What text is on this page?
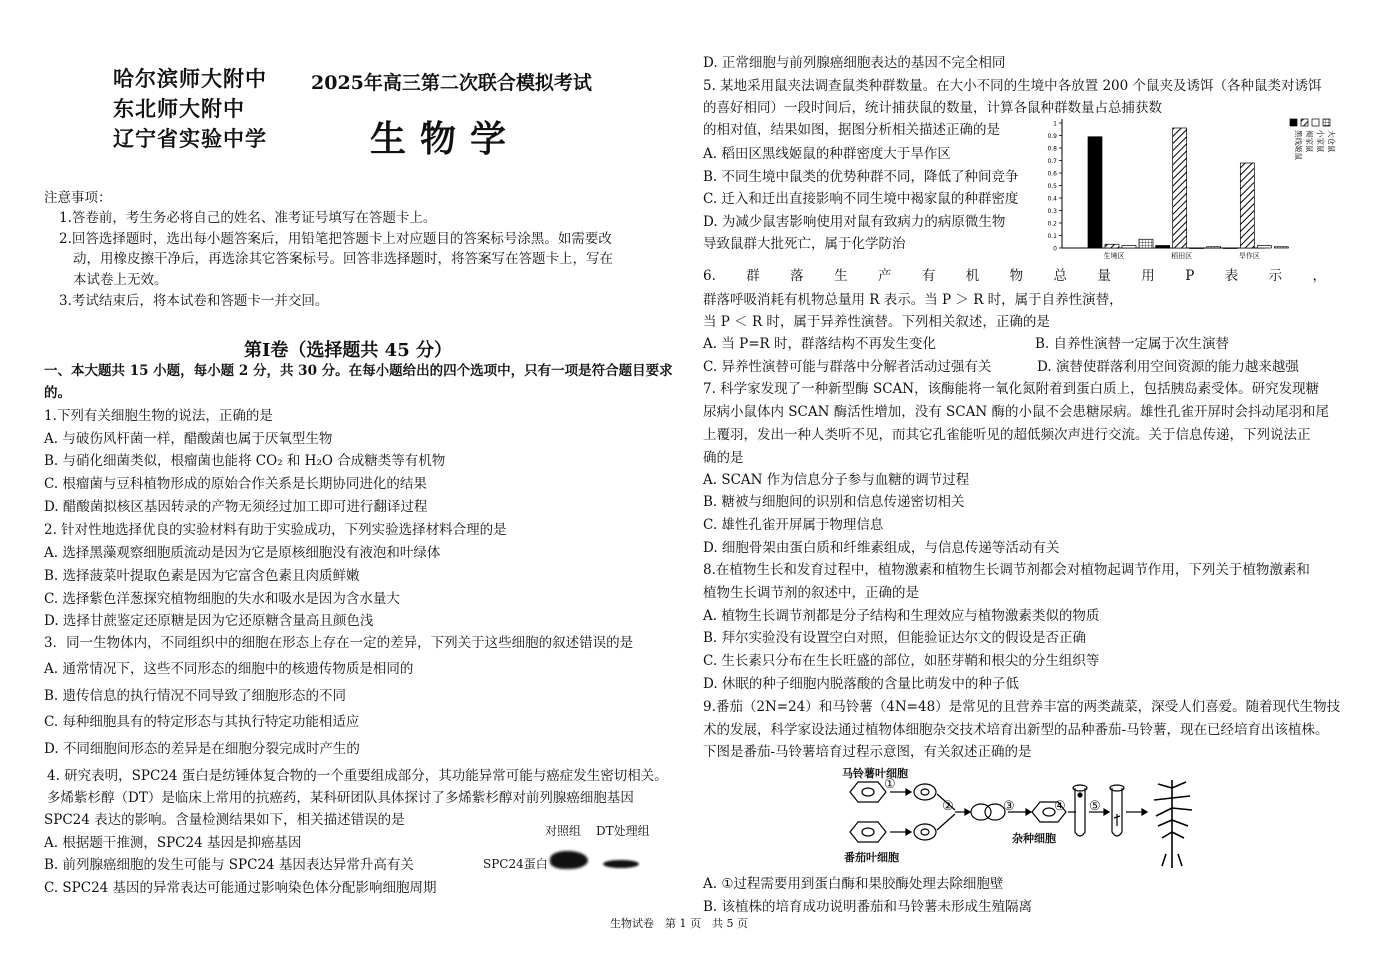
哈尔滨师大附中
东北师大附中
辽宁省实验中学
2025年高三第二次联合模拟考试
生物学
注意事项：
1.答卷前，考生务必将自己的姓名、准考证号填写在答题卡上。
2.回答选择题时，选出每小题答案后，用铅笔把答题卡上对应题目的答案标号涂黑。如需要改
动，用橡皮擦干净后，再选涂其它答案标号。回答非选择题时，将答案写在答题卡上，写在
本试卷上无效。
3.考试结束后，将本试卷和答题卡一并交回。
第Ⅰ卷（选择题共 45 分）
一、本大题共 15 小题，每小题 2 分，共 30 分。在每小题给出的四个选项中，只有一项是符合题目要求
的。
1.下列有关细胞生物的说法，正确的是
A. 与破伤风杆菌一样，醋酸菌也属于厌氧型生物
B. 与硝化细菌类似，根瘤菌也能将 CO₂ 和 H₂O 合成糖类等有机物
C. 根瘤菌与豆科植物形成的原始合作关系是长期协同进化的结果
D. 醋酸菌拟核区基因转录的产物无须经过加工即可进行翻译过程
2. 针对性地选择优良的实验材料有助于实验成功，下列实验选择材料合理的是
A. 选择黑藻观察细胞质流动是因为它是原核细胞没有液泡和叶绿体
B. 选择菠菜叶提取色素是因为它富含色素且肉质鲜嫩
C. 选择紫色洋葱探究植物细胞的失水和吸水是因为含水量大
D. 选择甘蔗鉴定还原糖是因为它还原糖含量高且颜色浅
3．同一生物体内，不同组织中的细胞在形态上存在一定的差异，下列关于这些细胞的叙述错误的是
A. 通常情况下，这些不同形态的细胞中的核遗传物质是相同的
B. 遗传信息的执行情况不同导致了细胞形态的不同
C. 每种细胞具有的特定形态与其执行特定功能相适应
D. 不同细胞间形态的差异是在细胞分裂完成时产生的
4. 研究表明，SPC24 蛋白是纺锤体复合物的一个重要组成部分，其功能异常可能与癌症发生密切相关。
多烯紫杉醇（DT）是临床上常用的抗癌药，某科研团队具体探讨了多烯紫杉醇对前列腺癌细胞基因
SPC24 表达的影响。含量检测结果如下，相关描述错误的是
A. 根据题干推测，SPC24 基因是抑癌基因
B. 前列腺癌细胞的发生可能与 SPC24 基因表达异常升高有关
C. SPC24 基因的异常表达可能通过影响染色体分配影响细胞周期
D. 正常细胞与前列腺癌细胞表达的基因不完全相同
对照组 DT处理组
SPC24蛋白
5. 某地采用鼠夹法调查鼠类种群数量。在大小不同的生境中各放置 200 个鼠夹及诱饵（各种鼠类对诱饵
的喜好相同）一段时间后，统计捕获鼠的数量，计算各鼠种群数量占总捕获数
的相对值，结果如图，据图分析相关描述正确的是
A. 稻田区黑线姬鼠的种群密度大于旱作区
B. 不同生境中鼠类的优势种群不同，降低了种间竞争
C. 迁入和迁出直接影响不同生境中褐家鼠的种群密度
D. 为减少鼠害影响使用对鼠有致病力的病原微生物
导致鼠群大批死亡，属于化学防治
1
0.9
0.8
0.7
0.6
0.5
0.4
0.3
0.2
0.1
0
生境区	稻田区	旱作区
黑线姬鼠 褐家鼠 小家鼠 大仓鼠
6. 群 落 生 产 有 机 物 总 量 用 P 表 示 ，
群落呼吸消耗有机物总量用 R 表示。当 P ＞ R 时，属于自养性演替，
当 P ＜ R 时，属于异养性演替。下列相关叙述，正确的是
A. 当 P=R 时，群落结构不再发生变化	B. 自养性演替一定属于次生演替
C. 异养性演替可能与群落中分解者活动过强有关	D. 演替使群落利用空间资源的能力越来越强
7. 科学家发现了一种新型酶 SCAN，该酶能将一氧化氮附着到蛋白质上，包括胰岛素受体。研究发现糖
尿病小鼠体内 SCAN 酶活性增加，没有 SCAN 酶的小鼠不会患糖尿病。雄性孔雀开屏时会抖动尾羽和尾
上覆羽，发出一种人类听不见，而其它孔雀能听见的超低频次声进行交流。关于信息传递，下列说法正
确的是
A. SCAN 作为信息分子参与血糖的调节过程
B. 糖被与细胞间的识别和信息传递密切相关
C. 雄性孔雀开屏属于物理信息
D. 细胞骨架由蛋白质和纤维素组成，与信息传递等活动有关
8.在植物生长和发育过程中，植物激素和植物生长调节剂都会对植物起调节作用，下列关于植物激素和
植物生长调节剂的叙述中，正确的是
A. 植物生长调节剂都是分子结构和生理效应与植物激素类似的物质
B. 拜尔实验没有设置空白对照，但能验证达尔文的假设是否正确
C. 生长素只分布在生长旺盛的部位，如胚芽鞘和根尖的分生组织等
D. 休眠的种子细胞内脱落酸的含量比萌发中的种子低
9.番茄（2N=24）和马铃薯（4N=48）是常见的且营养丰富的两类蔬菜，深受人们喜爱。随着现代生物技
术的发展，科学家设法通过植物体细胞杂交技术培育出新型的品种番茄-马铃薯，现在已经培育出该植株。
下图是番茄-马铃薯培育过程示意图，有关叙述正确的是
A. ①过程需要用到蛋白酶和果胶酶处理去除细胞壁
B. 该植株的培育成功说明番茄和马铃薯未形成生殖隔离
马铃薯叶细胞
番茄叶细胞
杂种细胞
①
②	③	④ ⑤
生物试卷　第 1 页　共 5 页
